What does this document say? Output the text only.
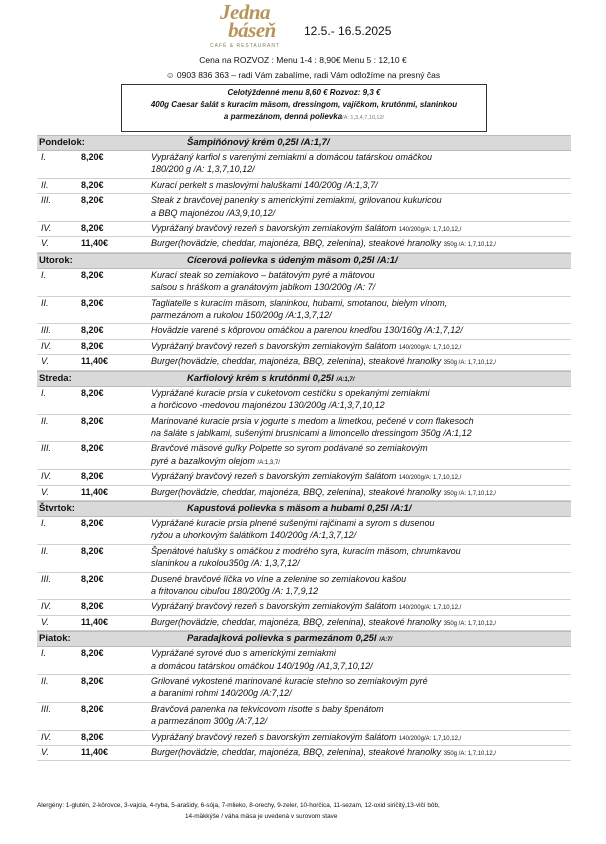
Jedna
báseň
CAFÉ & RESTAURANT
12.5.- 16.5.2025
Cena na ROZVOZ : Menu 1-4 : 8,90€ Menu 5 : 12,10 €
☺ 0903 836 363 – radi Vám zabalíme, radi Vám odložíme na presný čas
Celotýždenné menu 8,60 € Rozvoz: 9,3 €
400g Caesar šalát s kuracím mäsom, dressingom, vajíčkom, krutónmi, slaninkou
a parmezánom, denná polievka/A: 1,3,4,7,10,12/
Pondelok:	Šampiňónový krém 0,25l /A:1,7/
I.	8,20€	Vyprážaný karfiol s varenými zemiakmi a domácou tatárskou omáčkou
180/200 g /A: 1,3,7,10,12/
II.	8,20€	Kurací perkelt s maslovými haluškami 140/200g /A:1,3,7/
III.	8,20€	Steak z bravčovej panenky s americkými zemiakmi, grilovanou kukuricou
a BBQ majonézou /A3,9,10,12/
IV.	8,20€	Vyprážaný bravčový rezeň s bavorským zemiakovým šalátom 140/200g/A: 1,7,10,12,/
V.	11,40€	Burger(hovädzie, cheddar, majonéza, BBQ, zelenina), steakové hranolky 350g /A: 1,7,10,12,/
Utorok:	Cícerová polievka s údeným mäsom 0,25l /A:1/
I.	8,20€	Kurací steak so zemiakovo – batátovým pyré a mätovou
salsou s hráškom a granátovým jablkom 130/200g /A: 7/
II.	8,20€	Tagliatelle s kuracím mäsom, slaninkou, hubami, smotanou, bielym vínom,
parmezánom a rukolou 150/200g /A:1,3,7,12/
III.	8,20€	Hovädzie varené s kôprovou omáčkou a parenou knedľou 130/160g /A:1,7,12/
IV.	8,20€	Vyprážaný bravčový rezeň s bavorským zemiakovým šalátom 140/200g/A: 1,7,10,12,/
V.	11,40€	Burger(hovädzie, cheddar, majonéza, BBQ, zelenina), steakové hranolky 350g /A: 1,7,10,12,/
Streda:	Karfiolový krém s krutónmi 0,25l /A:1,7/
I.	8,20€	Vyprážané kuracie prsia v cuketovom cestíčku s opekanými zemiakmi
a horčicovo -medovou majonézou 130/200g /A:1,3,7,10,12
II.	8,20€	Marinované kuracie prsia v jogurte s medom a limetkou, pečené v corn flakesoch
na šaláte s jablkami, sušenými brusnicami a limoncello dressingom 350g /A:1,12
III.	8,20€	Bravčové mäsové guľky Polpette so syrom podávané so zemiakovým
pyré a bazalkovým olejom /A:1,3,7/
IV.	8,20€	Vyprážaný bravčový rezeň s bavorským zemiakovým šalátom 140/200g/A: 1,7,10,12,/
V.	11,40€	Burger(hovädzie, cheddar, majonéza, BBQ, zelenina), steakové hranolky 350g /A: 1,7,10,12,/
Štvrtok:	Kapustová polievka s mäsom a hubami 0,25l /A:1/
I.	8,20€	Vyprážané kuracie prsia plnené sušenými rajčinami a syrom s dusenou
ryžou a uhorkovým šalátikom 140/200g /A:1,3,7,12/
II.	8,20€	Špenátové halušky s omáčkou z modrého syra, kuracím mäsom, chrumkavou
slaninkou a rukolou350g /A: 1,3,7,12/
III.	8,20€	Dusené bravčové líčka vo víne a zelenine so zemiakovou kašou
a fritovanou cibuľou 180/200g /A: 1,7,9,12
IV.	8,20€	Vyprážaný bravčový rezeň s bavorským zemiakovým šalátom 140/200g/A: 1,7,10,12,/
V.	11,40€	Burger(hovädzie, cheddar, majonéza, BBQ, zelenina), steakové hranolky 350g /A: 1,7,10,12,/
Piatok:	Paradajková polievka s parmezánom 0,25l /A:7/
I.	8,20€	Vyprážané syrové duo s americkými zemiakmi
a domácou tatárskou omáčkou 140/190g /A1,3,7,10,12/
II.	8,20€	Grilované vykostené marinované kuracie stehno so zemiakovým pyré
a baranimi rohmi 140/200g /A:7,12/
III.	8,20€	Bravčová panenka na tekvicovom risotte s baby špenátom
a parmezánom 300g /A:7,12/
IV.	8,20€	Vyprážaný bravčový rezeň s bavorským zemiakovým šalátom 140/200g/A: 1,7,10,12,/
V.	11,40€	Burger(hovädzie, cheddar, majonéza, BBQ, zelenina), steakové hranolky 350g /A: 1,7,10,12,/
Alergény: 1-glutén, 2-kôrovce, 3-vajcia, 4-ryba, 5-arašidy, 6-sója, 7-mlieko, 8-orechy, 9-zeler, 10-horčica, 11-sezam, 12-oxid siričitý,13-vlčí bôb,
14-mäkkýše / váha mäsa je uvedená v surovom stave
